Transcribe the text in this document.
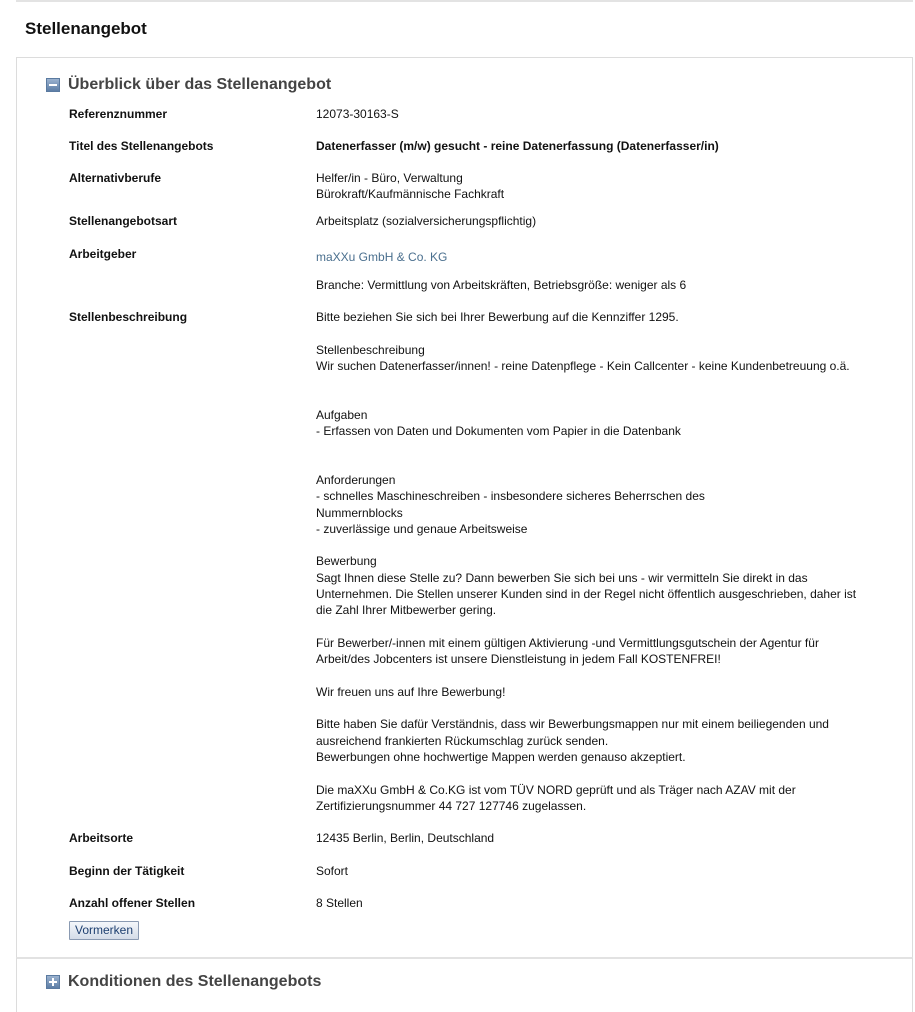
Stellenangebot
Überblick über das Stellenangebot
Referenznummer	12073-30163-S
Titel des Stellenangebots	Datenerfasser (m/w) gesucht - reine Datenerfassung (Datenerfasser/in)
Alternativberufe	Helfer/in - Büro, Verwaltung

Bürokraft/Kaufmännische Fachkraft

Stellenangebotsart	Arbeitsplatz (sozialversicherungspflichtig)
Arbeitgeber	maXXu GmbH & Co. KG

Branche: Vermittlung von Arbeitskräften, Betriebsgröße: weniger als 6

Stellenbeschreibung	Bitte beziehen Sie sich bei Ihrer Bewerbung auf die Kennziffer 1295.

Stellenbeschreibung

Wir suchen Datenerfasser/innen! - reine Datenpflege - Kein Callcenter - keine Kundenbetreuung o.ä.

Aufgaben

- Erfassen von Daten und Dokumenten vom Papier in die Datenbank

Anforderungen

- schnelles Maschineschreiben - insbesondere sicheres Beherrschen des

Nummernblocks

- zuverlässige und genaue Arbeitsweise

Bewerbung

Sagt Ihnen diese Stelle zu? Dann bewerben Sie sich bei uns - wir vermitteln Sie direkt in das

Unternehmen. Die Stellen unserer Kunden sind in der Regel nicht öffentlich ausgeschrieben, daher ist

die Zahl Ihrer Mitbewerber gering.

Für Bewerber/-innen mit einem gültigen Aktivierung -und Vermittlungsgutschein der Agentur für

Arbeit/des Jobcenters ist unsere Dienstleistung in jedem Fall KOSTENFREI!

Wir freuen uns auf Ihre Bewerbung!

Bitte haben Sie dafür Verständnis, dass wir Bewerbungsmappen nur mit einem beiliegenden und

ausreichend frankierten Rückumschlag zurück senden.

Bewerbungen ohne hochwertige Mappen werden genauso akzeptiert.

Die maXXu GmbH & Co.KG ist vom TÜV NORD geprüft und als Träger nach AZAV mit der

Zertifizierungsnummer 44 727 127746 zugelassen.

Arbeitsorte	12435 Berlin, Berlin, Deutschland
Beginn der Tätigkeit	Sofort
Anzahl offener Stellen	8 Stellen
Vormerken
Konditionen des Stellenangebots
